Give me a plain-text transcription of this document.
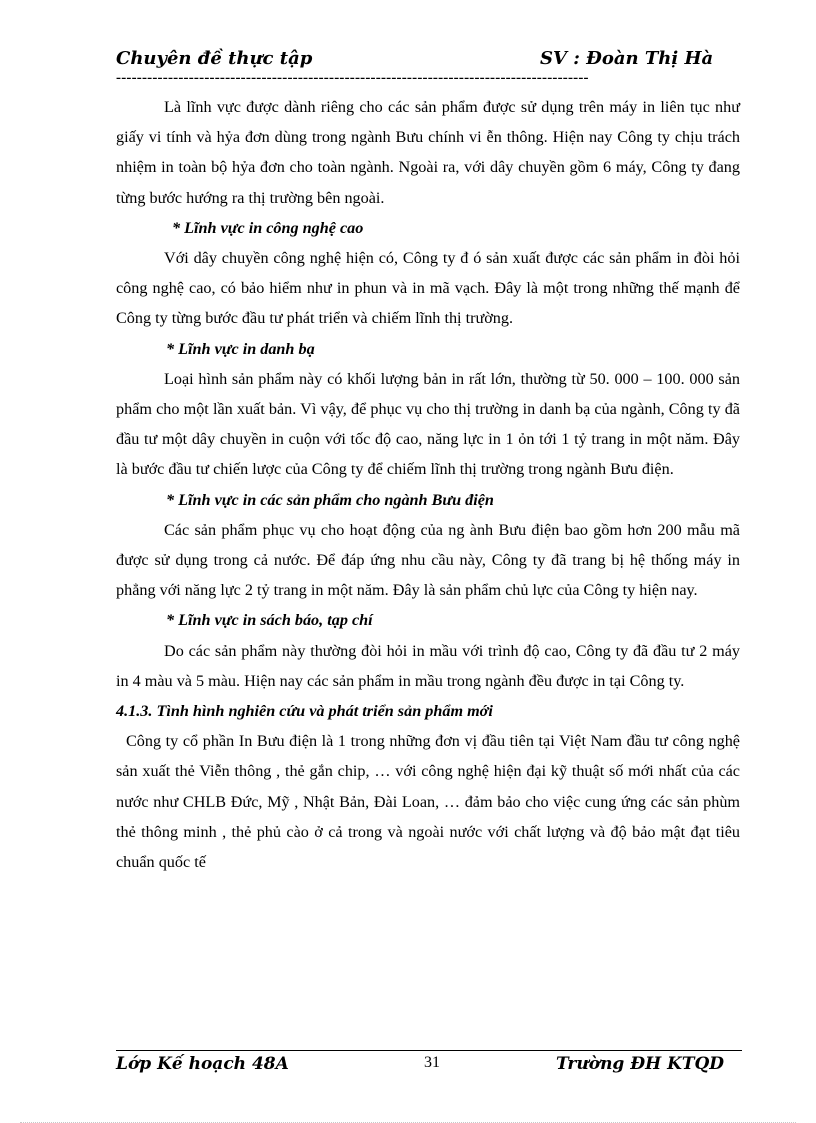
Chuyên đề thực tập	SV : Đoàn Thị Hà
-------------------------------------------------------------------------------------------

Là lĩnh vực được dành riêng cho các sản phẩm được sử dụng trên máy in liên tục như giấy vi tính và hỷa đơn dùng trong ngành Bưu chính vi ễn thông. Hiện nay Công ty chịu trách nhiệm in toàn bộ hỷa đơn cho toàn ngành. Ngoài ra, với dây chuyền gồm 6 máy, Công ty đang từng bước hướng ra thị trường bên ngoài.

* Lĩnh vực in công nghệ cao

Với dây chuyền công nghệ hiện có, Công ty đ ó sản xuất được các sản phẩm in đòi hỏi công nghệ cao, có bảo hiểm như in phun và in mã vạch. Đây là một trong những thế mạnh để Công ty từng bước đầu tư phát triển và chiếm lĩnh thị trường.

* Lĩnh vực in danh bạ

Loại hình sản phẩm này có khối lượng bản in rất lớn, thường từ 50. 000 – 100. 000 sản phẩm cho một lần xuất bản. Vì vậy, để phục vụ cho thị trường in danh bạ của ngành, Công ty đã đầu tư một dây chuyền in cuộn với tốc độ cao, năng lực in 1 ỏn tới 1 tỷ trang in một năm. Đây là bước đầu tư chiến lược của Công ty để chiếm lĩnh thị trường trong ngành Bưu điện.

* Lĩnh vực in các sản phẩm cho ngành Bưu điện

Các sản phẩm phục vụ cho hoạt động của ng ành Bưu điện bao gồm hơn 200 mẫu mã được sử dụng trong cả nước. Để đáp ứng nhu cầu này, Công ty đã trang bị hệ thống máy in phẳng với năng lực 2 tỷ trang in một năm. Đây là sản phẩm chủ lực của Công ty hiện nay.

* Lĩnh vực in sách báo, tạp chí

Do các sản phẩm này thường đòi hỏi in mầu với trình độ cao, Công ty đã đầu tư 2 máy in 4 màu và 5 màu. Hiện nay các sản phẩm in mầu trong ngành đều được in tại Công ty.

4.1.3. Tình hình nghiên cứu và phát triển sản phẩm mới

Công ty cổ phần In Bưu điện là 1 trong những đơn vị đầu tiên tại Việt Nam đầu tư công nghệ sản xuất thẻ Viễn thông , thẻ gắn chip, … với công nghệ hiện đại kỹ thuật số mới nhất của các nước như CHLB Đức, Mỹ , Nhật Bản, Đài Loan, … đảm bảo cho việc cung ứng các sản phùm thẻ thông minh , thẻ phủ cào ở cả trong và ngoài nước với chất lượng và độ bảo mật đạt tiêu chuẩn quốc tế

Lớp Kế hoạch 48A	31	Trường ĐH KTQD
